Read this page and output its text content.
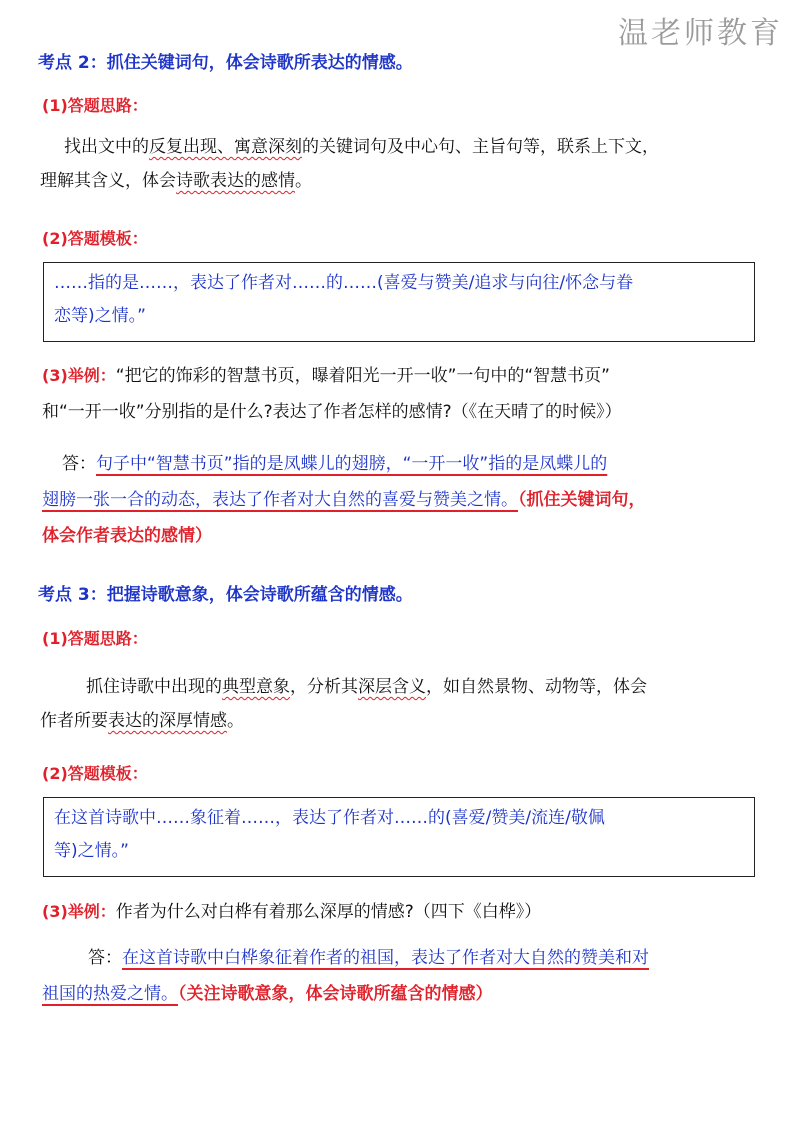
温老师教育
考点 2：抓住关键词句，体会诗歌所表达的情感。
(1)答题思路：

找出文中的反复出现、寓意深刻的关键词句及中心句、主旨句等，联系上下文，

理解其含义，体会诗歌表达的感情。

(2)答题模板：

……指的是……，表达了作者对……的……(喜爱与赞美/追求与向往/怀念与眷

恋等)之情。”

(3)举例：“把它的饰彩的智慧书页，曝着阳光一开一收”一句中的“智慧书页”

和“一开一收”分别指的是什么?表达了作者怎样的感情?（《在天晴了的时候》）

答：句子中“智慧书页”指的是凤蝶儿的翅膀，“一开一收”指的是凤蝶儿的

翅膀一张一合的动态，表达了作者对大自然的喜爱与赞美之情。（抓住关键词句，

体会作者表达的感情）

考点 3：把握诗歌意象，体会诗歌所蕴含的情感。
(1)答题思路：

抓住诗歌中出现的典型意象，分析其深层含义，如自然景物、动物等，体会

作者所要表达的深厚情感。

(2)答题模板：

在这首诗歌中……象征着……，表达了作者对……的(喜爱/赞美/流连/敬佩

等)之情。”

(3)举例：作者为什么对白桦有着那么深厚的情感?（四下《白桦》）

答：在这首诗歌中白桦象征着作者的祖国，表达了作者对大自然的赞美和对

祖国的热爱之情。（关注诗歌意象，体会诗歌所蕴含的情感）
